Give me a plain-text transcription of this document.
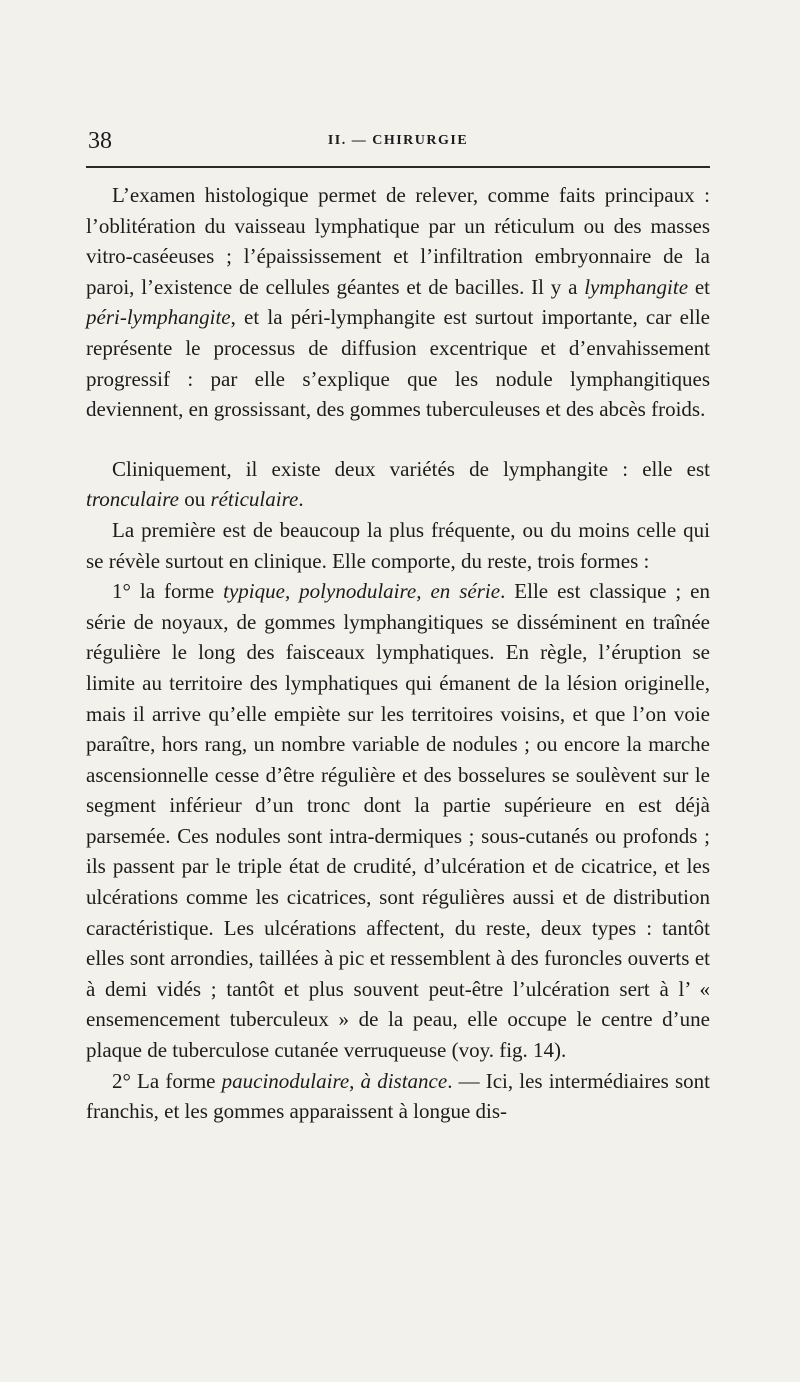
38	II. — CHIRURGIE

L’examen histologique permet de relever, comme faits principaux : l’oblitération du vaisseau lymphatique par un réticulum ou des masses vitro-caséeuses ; l’épaississement et l’infiltration embryonnaire de la paroi, l’existence de cellules géantes et de bacilles. Il y a lymphangite et péri-lymphangite, et la péri-lymphangite est surtout importante, car elle représente le processus de diffusion excentrique et d’envahissement progressif : par elle s’explique que les nodule lymphangitiques deviennent, en grossissant, des gommes tuberculeuses et des abcès froids.

Cliniquement, il existe deux variétés de lymphangite : elle est tronculaire ou réticulaire.

La première est de beaucoup la plus fréquente, ou du moins celle qui se révèle surtout en clinique. Elle comporte, du reste, trois formes :

1° la forme typique, polynodulaire, en série. Elle est classique ; en série de noyaux, de gommes lymphangitiques se disséminent en traînée régulière le long des faisceaux lymphatiques. En règle, l’éruption se limite au territoire des lymphatiques qui émanent de la lésion originelle, mais il arrive qu’elle empiète sur les territoires voisins, et que l’on voie paraître, hors rang, un nombre variable de nodules ; ou encore la marche ascensionnelle cesse d’être régulière et des bosselures se soulèvent sur le segment inférieur d’un tronc dont la partie supérieure en est déjà parsemée. Ces nodules sont intra-dermiques ; sous-cutanés ou profonds ; ils passent par le triple état de crudité, d’ulcération et de cicatrice, et les ulcérations comme les cicatrices, sont régulières aussi et de distribution caractéristique. Les ulcérations affectent, du reste, deux types : tantôt elles sont arrondies, taillées à pic et ressemblent à des furoncles ouverts et à demi vidés ; tantôt et plus souvent peut-être l’ulcération sert à l’ « ensemencement tuberculeux » de la peau, elle occupe le centre d’une plaque de tuberculose cutanée verruqueuse (voy. fig. 14).

2° La forme paucinodulaire, à distance. — Ici, les intermédiaires sont franchis, et les gommes apparaissent à longue dis-
